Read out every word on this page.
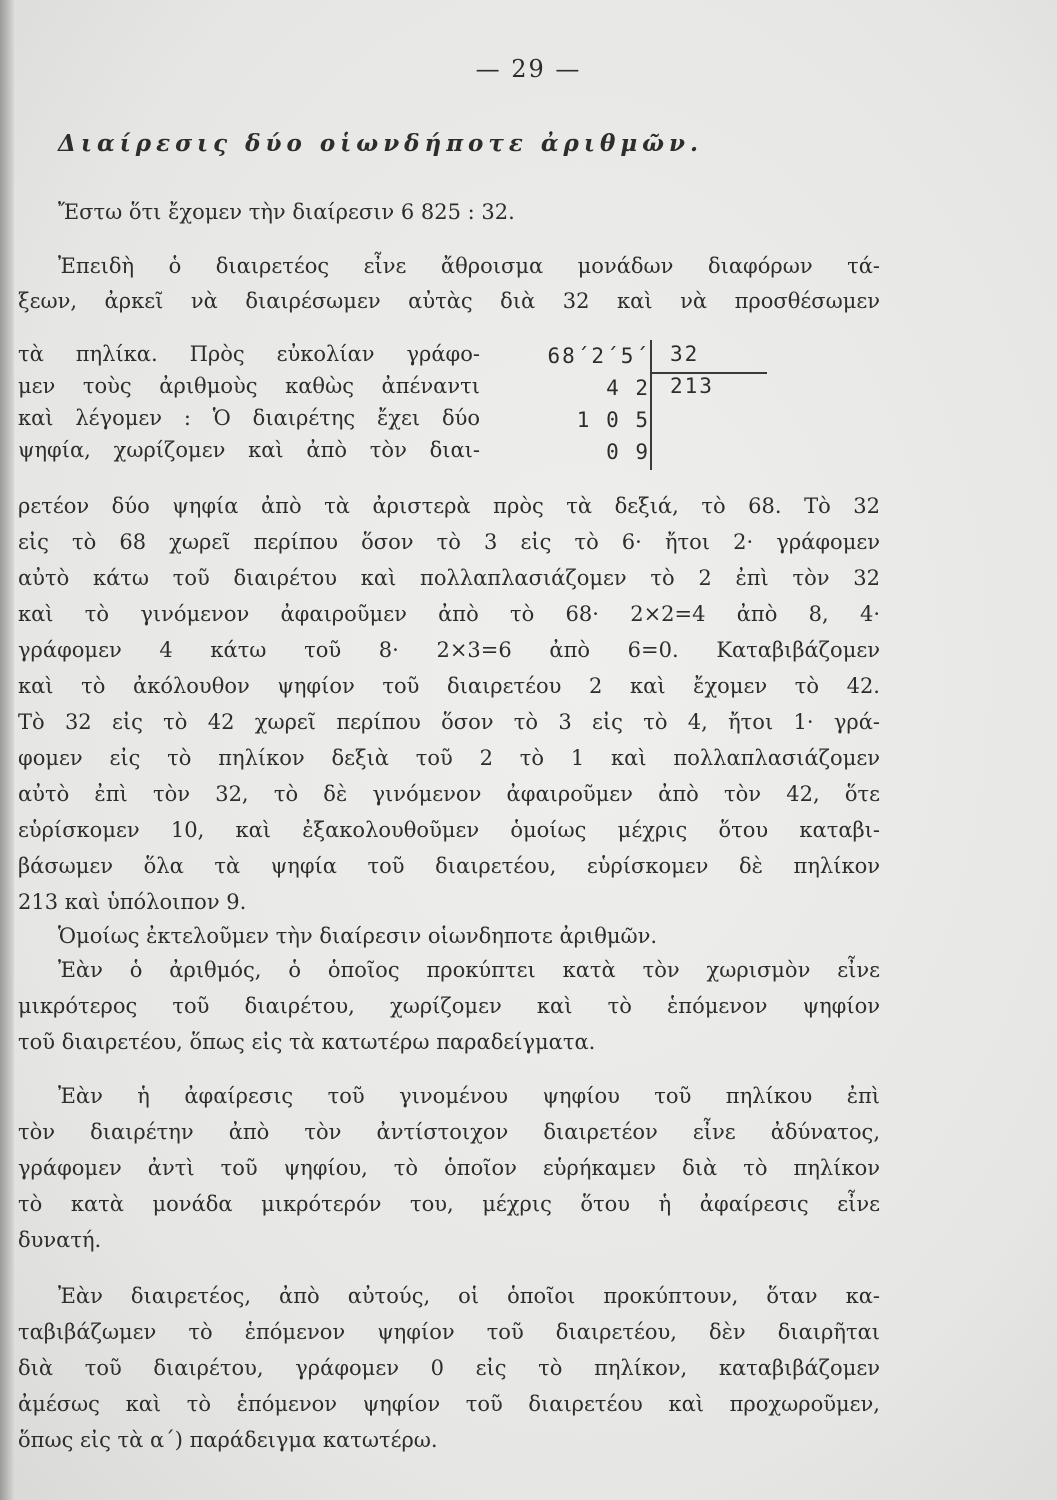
— 29 —
Διαίρεσις δύο οἱωνδήποτε ἀριθμῶν.
Ἔστω ὅτι ἔχομεν τὴν διαίρεσιν 6 825 : 32.
Ἐπειδὴ ὁ διαιρετέος εἶνε ἄθροισμα μονάδων διαφόρων τά-
ξεων, ἀρκεῖ νὰ διαιρέσωμεν αὐτὰς διὰ 32 καὶ νὰ προσθέσωμεν
τὰ πηλίκα. Πρὸς εὐκολίαν γράφο-
μεν τοὺς ἀριθμοὺς καθὼς ἀπέναντι
καὶ λέγομεν : Ὁ διαιρέτης ἔχει δύο
ψηφία, χωρίζομεν καὶ ἀπὸ τὸν διαι-
68΄2΄5΄
4 2
1 0 5
0 9
32
213
ρετέον δύο ψηφία ἀπὸ τὰ ἀριστερὰ πρὸς τὰ δεξιά, τὸ 68. Τὸ 32
εἰς τὸ 68 χωρεῖ περίπου ὅσον τὸ 3 εἰς τὸ 6· ἤτοι 2· γράφομεν
αὐτὸ κάτω τοῦ διαιρέτου καὶ πολλαπλασιάζομεν τὸ 2 ἐπὶ τὸν 32
καὶ τὸ γινόμενον ἀφαιροῦμεν ἀπὸ τὸ 68· 2×2=4 ἀπὸ 8, 4·
γράφομεν 4 κάτω τοῦ 8· 2×3=6 ἀπὸ 6=0. Καταβιβάζομεν
καὶ τὸ ἀκόλουθον ψηφίον τοῦ διαιρετέου 2 καὶ ἔχομεν τὸ 42.
Τὸ 32 εἰς τὸ 42 χωρεῖ περίπου ὅσον τὸ 3 εἰς τὸ 4, ἤτοι 1· γρά-
φομεν εἰς τὸ πηλίκον δεξιὰ τοῦ 2 τὸ 1 καὶ πολλαπλασιάζομεν
αὐτὸ ἐπὶ τὸν 32, τὸ δὲ γινόμενον ἀφαιροῦμεν ἀπὸ τὸν 42, ὅτε
εὑρίσκομεν 10, καὶ ἐξακολουθοῦμεν ὁμοίως μέχρις ὅτου καταβι-
βάσωμεν ὅλα τὰ ψηφία τοῦ διαιρετέου, εὑρίσκομεν δὲ πηλίκον
213 καὶ ὑπόλοιπον 9.
Ὁμοίως ἐκτελοῦμεν τὴν διαίρεσιν οἱωνδηποτε ἀριθμῶν.
Ἐὰν ὁ ἀριθμός, ὁ ὁποῖος προκύπτει κατὰ τὸν χωρισμὸν εἶνε
μικρότερος τοῦ διαιρέτου, χωρίζομεν καὶ τὸ ἑπόμενον ψηφίον
τοῦ διαιρετέου, ὅπως εἰς τὰ κατωτέρω παραδείγματα.
Ἐὰν ἡ ἀφαίρεσις τοῦ γινομένου ψηφίου τοῦ πηλίκου ἐπὶ
τὸν διαιρέτην ἀπὸ τὸν ἀντίστοιχον διαιρετέον εἶνε ἀδύνατος,
γράφομεν ἀντὶ τοῦ ψηφίου, τὸ ὁποῖον εὑρήκαμεν διὰ τὸ πηλίκον
τὸ κατὰ μονάδα μικρότερόν του, μέχρις ὅτου ἡ ἀφαίρεσις εἶνε
δυνατή.
Ἐὰν διαιρετέος, ἀπὸ αὐτούς, οἱ ὁποῖοι προκύπτουν, ὅταν κα-
ταβιβάζωμεν τὸ ἑπόμενον ψηφίον τοῦ διαιρετέου, δὲν διαιρῆται
διὰ τοῦ διαιρέτου, γράφομεν 0 εἰς τὸ πηλίκον, καταβιβάζομεν
ἀμέσως καὶ τὸ ἑπόμενον ψηφίον τοῦ διαιρετέου καὶ προχωροῦμεν,
ὅπως εἰς τὰ α΄) παράδειγμα κατωτέρω.
